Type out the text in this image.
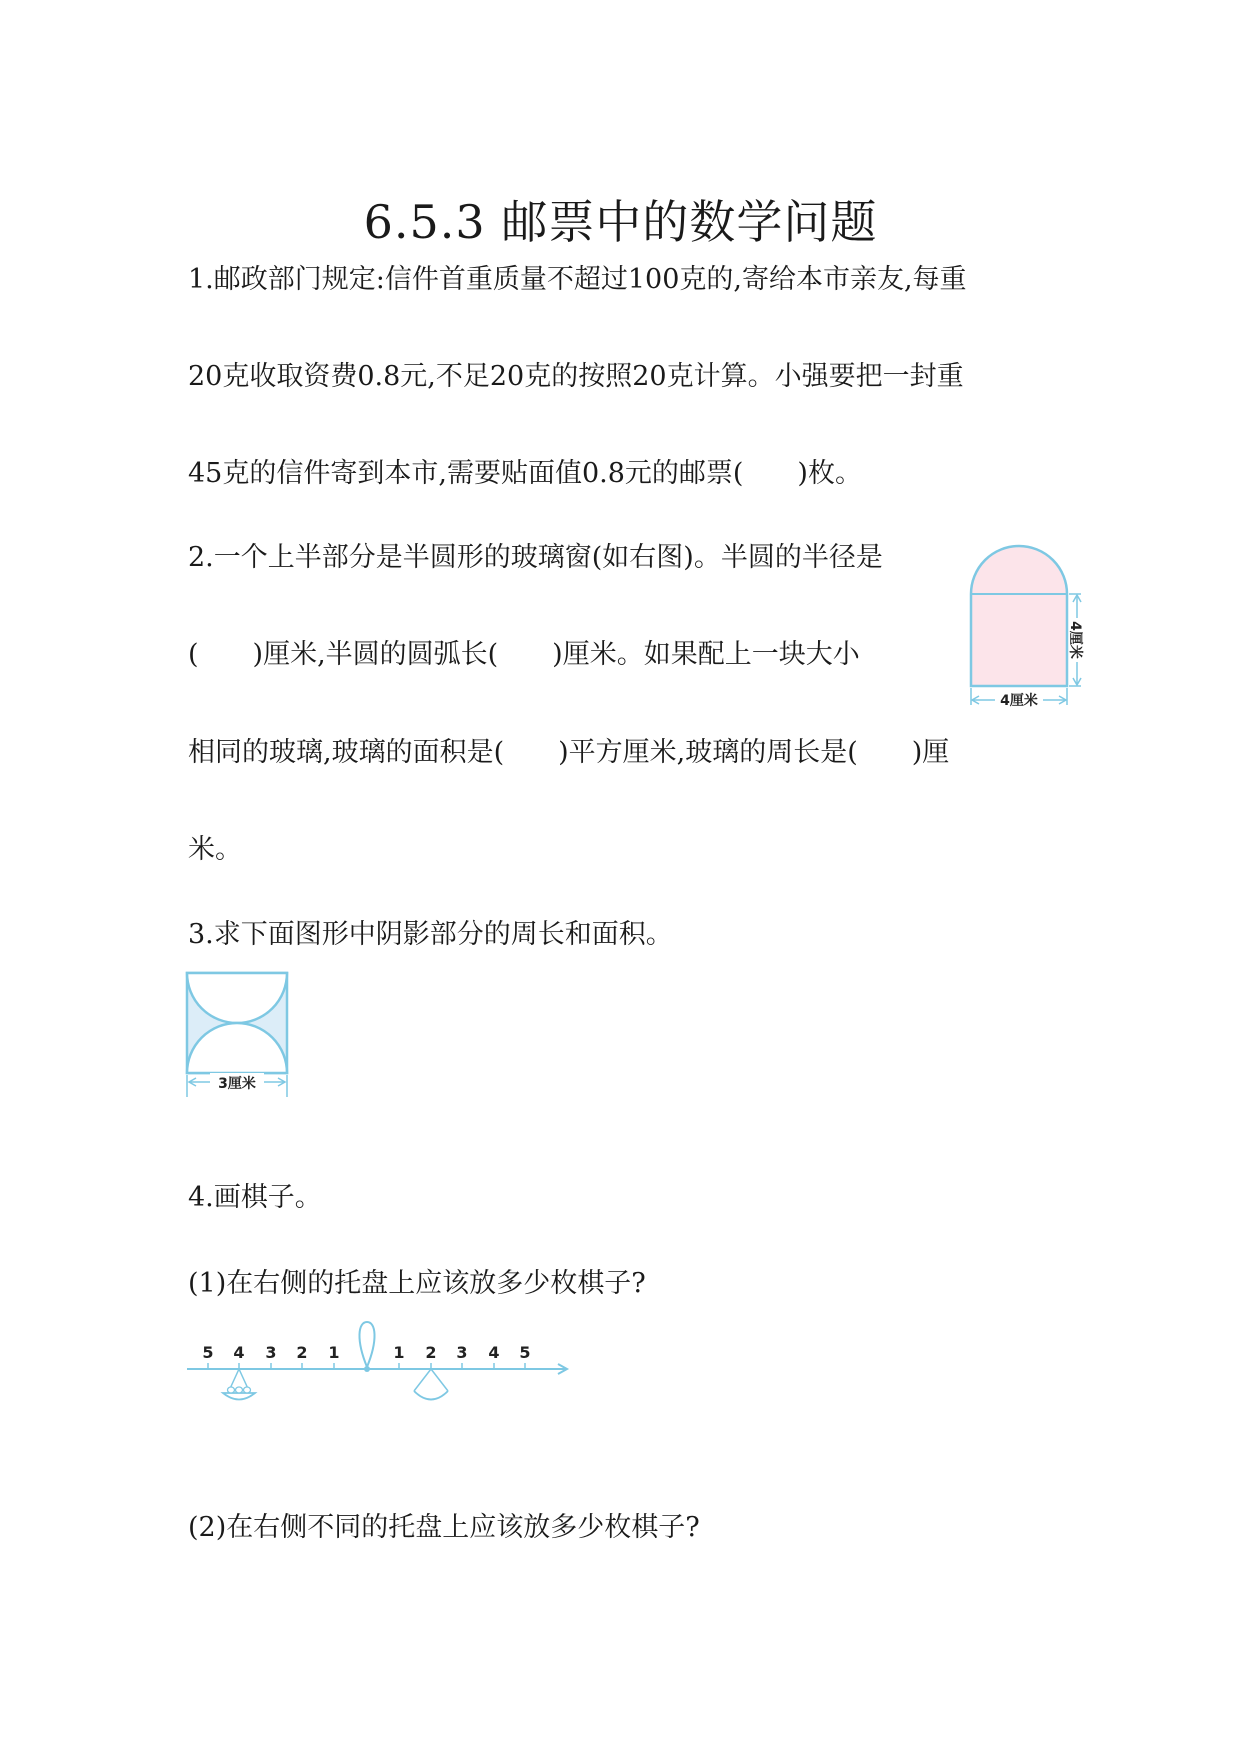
6.5.3 邮票中的数学问题
1.邮政部门规定:信件首重质量不超过100克的,寄给本市亲友,每重
20克收取资费0.8元,不足20克的按照20克计算。小强要把一封重
45克的信件寄到本市,需要贴面值0.8元的邮票(　　)枚。
2.一个上半部分是半圆形的玻璃窗(如右图)。半圆的半径是
(　　)厘米,半圆的圆弧长(　　)厘米。如果配上一块大小
相同的玻璃,玻璃的面积是(　　)平方厘米,玻璃的周长是(　　)厘
米。
4厘米
4厘米
3.求下面图形中阴影部分的周长和面积。
3厘米
4.画棋子。
(1)在右侧的托盘上应该放多少枚棋子?
5 4 3 2 1	1 2 3 4 5
(2)在右侧不同的托盘上应该放多少枚棋子?
